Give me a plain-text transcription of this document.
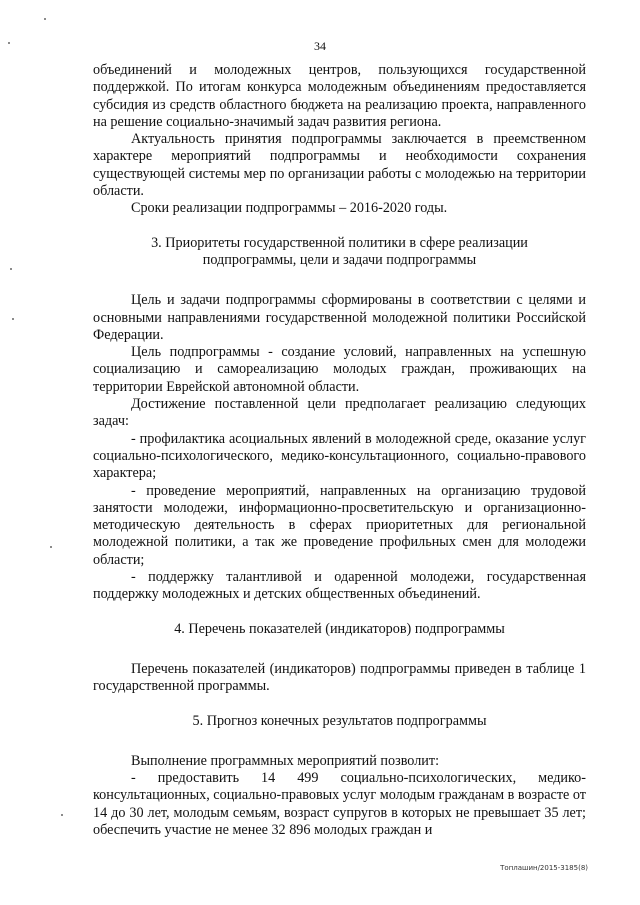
34

объединений и молодежных центров, пользующихся государственной поддержкой. По итогам конкурса молодежным объединениям предоставляется субсидия из средств областного бюджета на реализацию проекта, направленного на решение социально-значимый задач развития региона.

Актуальность принятия подпрограммы заключается в преемственном характере мероприятий подпрограммы и необходимости сохранения существующей системы мер по организации работы с молодежью на территории области.

Сроки реализации подпрограммы – 2016-2020 годы.

3. Приоритеты государственной политики в сфере реализации подпрограммы, цели и задачи подпрограммы

Цель и задачи подпрограммы сформированы в соответствии с целями и основными направлениями государственной молодежной политики Российской Федерации.

Цель подпрограммы - создание условий, направленных на успешную социализацию и самореализацию молодых граждан, проживающих на территории Еврейской автономной области.

Достижение поставленной цели предполагает реализацию следующих задач:

- профилактика асоциальных явлений в молодежной среде, оказание услуг социально-психологического, медико-консультационного, социально-правового характера;

- проведение мероприятий, направленных на организацию трудовой занятости молодежи, информационно-просветительскую и организационно-методическую деятельность в сферах приоритетных для региональной молодежной политики, а так же проведение профильных смен для молодежи области;

- поддержку талантливой и одаренной молодежи, государственная поддержку молодежных и детских общественных объединений.

4. Перечень показателей (индикаторов) подпрограммы

Перечень показателей (индикаторов) подпрограммы приведен в таблице 1 государственной программы.

5. Прогноз конечных результатов подпрограммы

Выполнение программных мероприятий позволит:

- предоставить 14 499 социально-психологических, медико-консультационных, социально-правовых услуг молодым гражданам в возрасте от 14 до 30 лет, молодым семьям, возраст супругов в которых не превышает 35 лет; обеспечить участие не менее 32 896 молодых граждан и

Топлашин/2015-3185(8)
